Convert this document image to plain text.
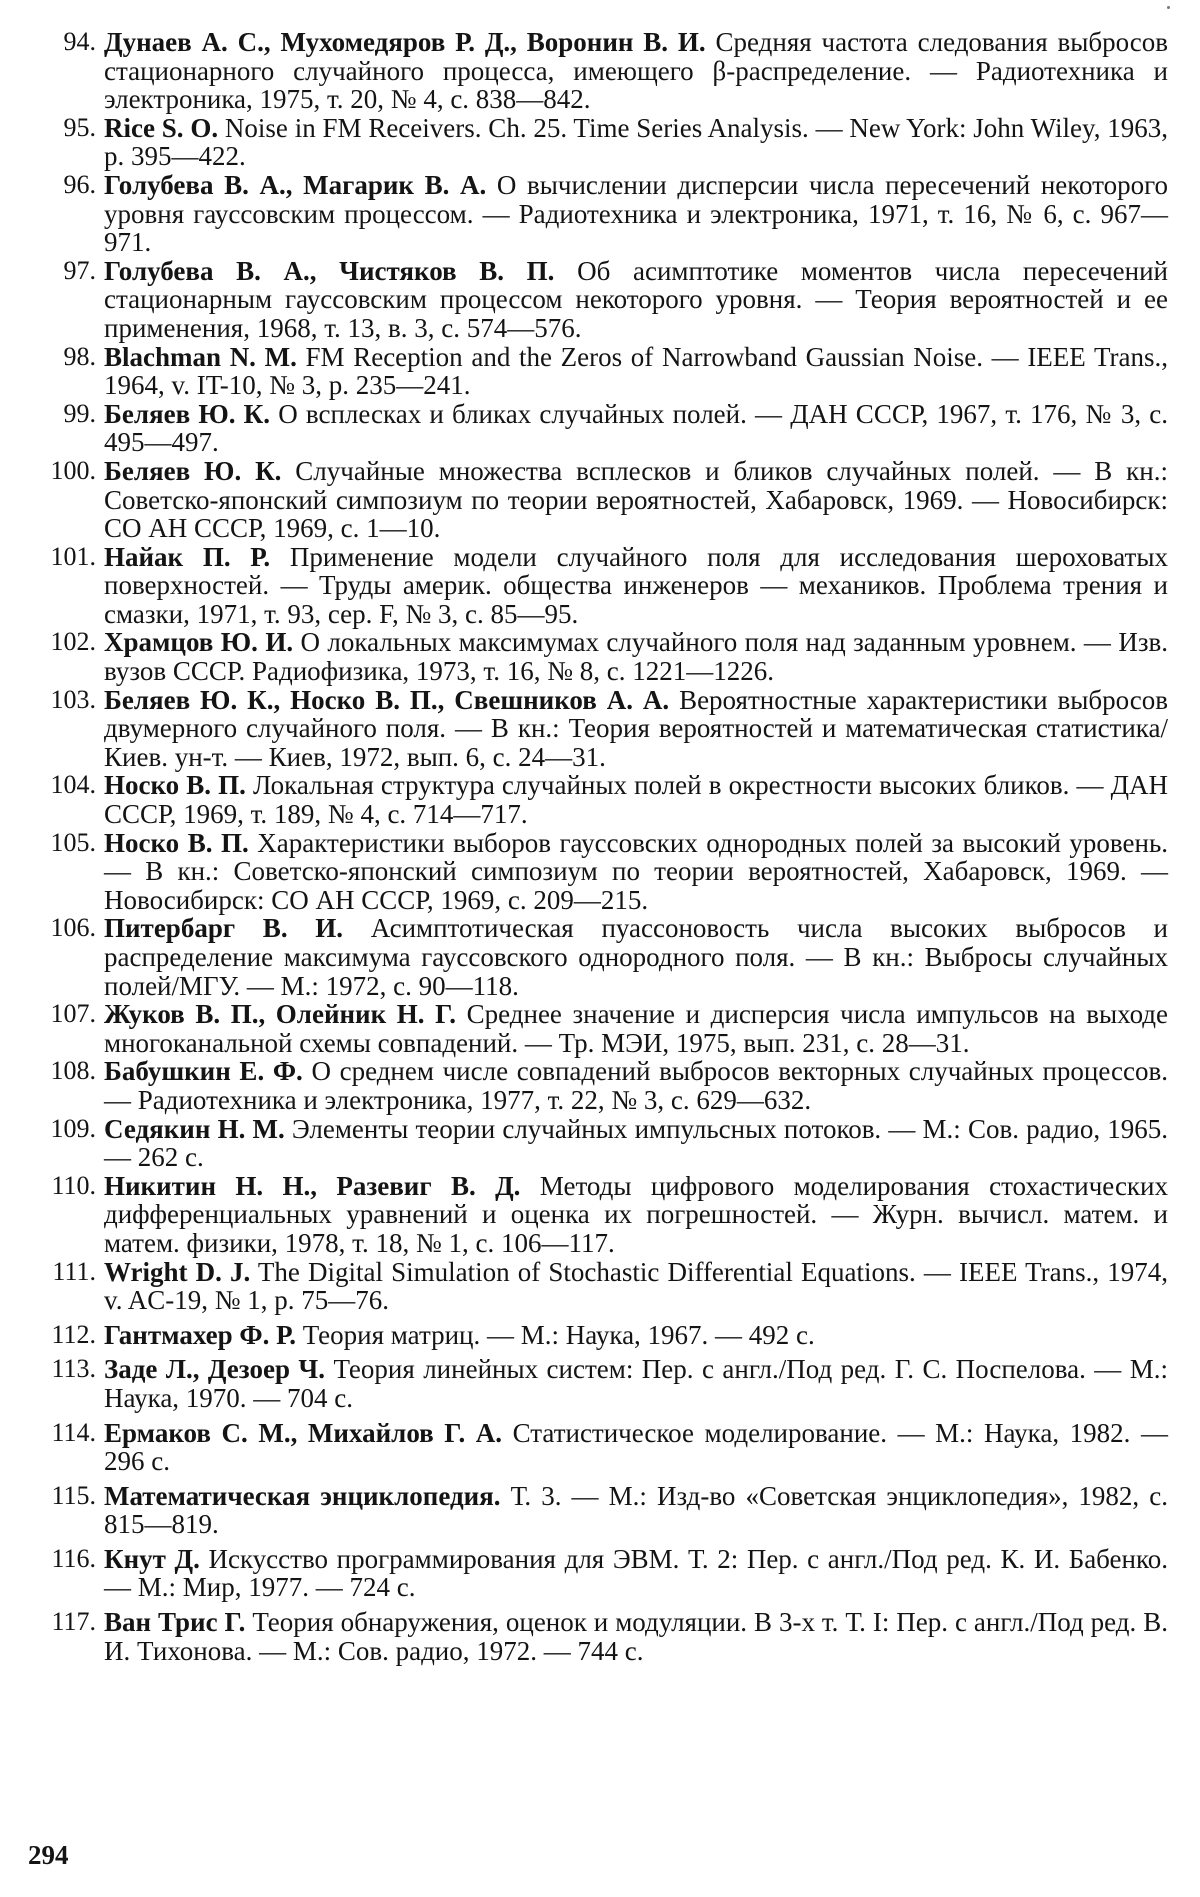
94. Дунаев А. С., Мухомедяров Р. Д., Воронин В. И. Средняя частота следования выбросов стационарного случайного процесса, имеющего β-распределение. — Радиотехника и электроника, 1975, т. 20, № 4, с. 838—842.
95. Rice S. O. Noise in FM Receivers. Ch. 25. Time Series Analysis. — New York: John Wiley, 1963, p. 395—422.
96. Голубева В. А., Магарик В. А. О вычислении дисперсии числа пересечений некоторого уровня гауссовским процессом. — Радиотехника и электроника, 1971, т. 16, № 6, с. 967—971.
97. Голубева В. А., Чистяков В. П. Об асимптотике моментов числа пересечений стационарным гауссовским процессом некоторого уровня. — Теория вероятностей и ее применения, 1968, т. 13, в. 3, с. 574—576.
98. Blachman N. M. FM Reception and the Zeros of Narrowband Gaussian Noise. — IEEE Trans., 1964, v. IT-10, № 3, p. 235—241.
99. Беляев Ю. К. О всплесках и бликах случайных полей. — ДАН СССР, 1967, т. 176, № 3, с. 495—497.
100. Беляев Ю. К. Случайные множества всплесков и бликов случайных полей. — В кн.: Советско-японский симпозиум по теории вероятностей, Хабаровск, 1969. — Новосибирск: СО АН СССР, 1969, с. 1—10.
101. Найак П. Р. Применение модели случайного поля для исследования шероховатых поверхностей. — Труды америк. общества инженеров — механиков. Проблема трения и смазки, 1971, т. 93, сер. F, № 3, с. 85—95.
102. Храмцов Ю. И. О локальных максимумах случайного поля над заданным уровнем. — Изв. вузов СССР. Радиофизика, 1973, т. 16, № 8, с. 1221—1226.
103. Беляев Ю. К., Носко В. П., Свешников А. А. Вероятностные характеристики выбросов двумерного случайного поля. — В кн.: Теория вероятностей и математическая статистика/Киев. ун-т. — Киев, 1972, вып. 6, с. 24—31.
104. Носко В. П. Локальная структура случайных полей в окрестности высоких бликов. — ДАН СССР, 1969, т. 189, № 4, с. 714—717.
105. Носко В. П. Характеристики выборов гауссовских однородных полей за высокий уровень. — В кн.: Советско-японский симпозиум по теории вероятностей, Хабаровск, 1969. — Новосибирск: СО АН СССР, 1969, с. 209—215.
106. Питербарг В. И. Асимптотическая пуассоновость числа высоких выбросов и распределение максимума гауссовского однородного поля. — В кн.: Выбросы случайных полей/МГУ. — М.: 1972, с. 90—118.
107. Жуков В. П., Олейник Н. Г. Среднее значение и дисперсия числа импульсов на выходе многоканальной схемы совпадений. — Тр. МЭИ, 1975, вып. 231, с. 28—31.
108. Бабушкин Е. Ф. О среднем числе совпадений выбросов векторных случайных процессов. — Радиотехника и электроника, 1977, т. 22, № 3, с. 629—632.
109. Седякин Н. М. Элементы теории случайных импульсных потоков. — М.: Сов. радио, 1965. — 262 с.
110. Никитин Н. Н., Разевиг В. Д. Методы цифрового моделирования стохастических дифференциальных уравнений и оценка их погрешностей. — Журн. вычисл. матем. и матем. физики, 1978, т. 18, № 1, с. 106—117.
111. Wright D. J. The Digital Simulation of Stochastic Differential Equations. — IEEE Trans., 1974, v. AC-19, № 1, p. 75—76.
112. Гантмахер Ф. Р. Теория матриц. — М.: Наука, 1967. — 492 с.
113. Заде Л., Дезоер Ч. Теория линейных систем: Пер. с англ./Под ред. Г. С. Поспелова. — М.: Наука, 1970. — 704 с.
114. Ермаков С. М., Михайлов Г. А. Статистическое моделирование. — М.: Наука, 1982. — 296 с.
115. Математическая энциклопедия. Т. 3. — М.: Изд-во «Советская энциклопедия», 1982, с. 815—819.
116. Кнут Д. Искусство программирования для ЭВМ. Т. 2: Пер. с англ./Под ред. К. И. Бабенко. — М.: Мир, 1977. — 724 с.
117. Ван Трис Г. Теория обнаружения, оценок и модуляции. В 3-х т. Т. I: Пер. с англ./Под ред. В. И. Тихонова. — М.: Сов. радио, 1972. — 744 с.
294
